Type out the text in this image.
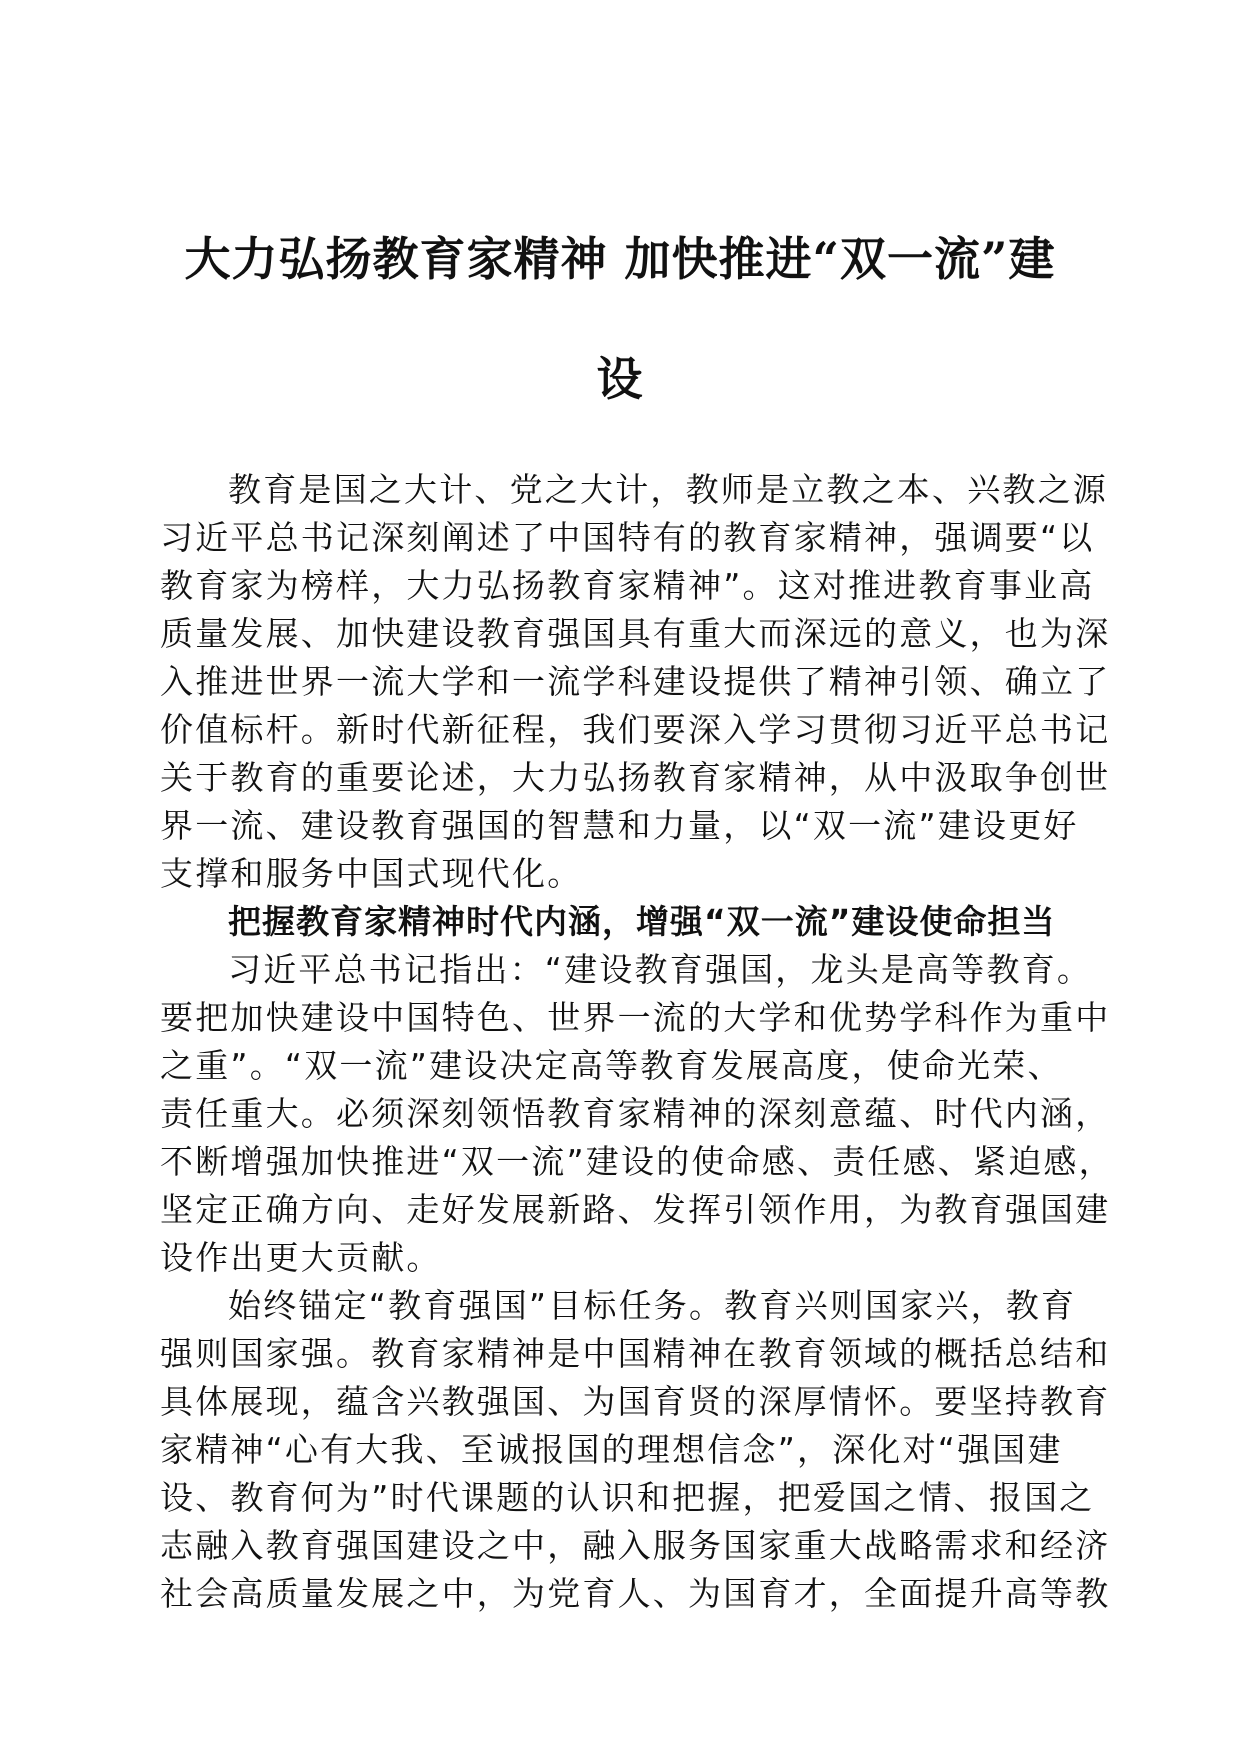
大力弘扬教育家精神 加快推进“双一流”建
设
教育是国之大计、党之大计，教师是立教之本、兴教之源
习近平总书记深刻阐述了中国特有的教育家精神，强调要“以
教育家为榜样，大力弘扬教育家精神”。这对推进教育事业高
质量发展、加快建设教育强国具有重大而深远的意义，也为深
入推进世界一流大学和一流学科建设提供了精神引领、确立了
价值标杆。新时代新征程，我们要深入学习贯彻习近平总书记
关于教育的重要论述，大力弘扬教育家精神，从中汲取争创世
界一流、建设教育强国的智慧和力量，以“双一流”建设更好
支撑和服务中国式现代化。
把握教育家精神时代内涵，增强“双一流”建设使命担当
习近平总书记指出：“建设教育强国，龙头是高等教育。
要把加快建设中国特色、世界一流的大学和优势学科作为重中
之重”。“双一流”建设决定高等教育发展高度，使命光荣、
责任重大。必须深刻领悟教育家精神的深刻意蕴、时代内涵，
不断增强加快推进“双一流”建设的使命感、责任感、紧迫感，
坚定正确方向、走好发展新路、发挥引领作用，为教育强国建
设作出更大贡献。
始终锚定“教育强国”目标任务。教育兴则国家兴，教育
强则国家强。教育家精神是中国精神在教育领域的概括总结和
具体展现，蕴含兴教强国、为国育贤的深厚情怀。要坚持教育
家精神“心有大我、至诚报国的理想信念”，深化对“强国建
设、教育何为”时代课题的认识和把握，把爱国之情、报国之
志融入教育强国建设之中，融入服务国家重大战略需求和经济
社会高质量发展之中，为党育人、为国育才，全面提升高等教
